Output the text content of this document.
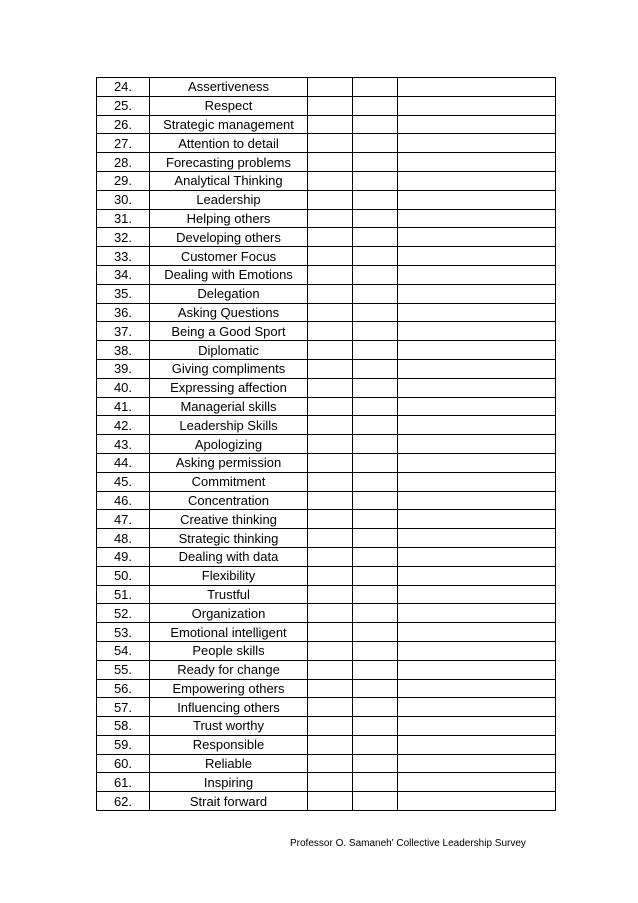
24.	Assertiveness			
25.	Respect			
26.	Strategic management			
27.	Attention to detail			
28.	Forecasting problems			
29.	Analytical Thinking			
30.	Leadership			
31.	Helping others			
32.	Developing others			
33.	Customer Focus			
34.	Dealing with Emotions			
35.	Delegation			
36.	Asking Questions			
37.	Being a Good Sport			
38.	Diplomatic			
39.	Giving compliments			
40.	Expressing affection			
41.	Managerial skills			
42.	Leadership Skills			
43.	Apologizing			
44.	Asking permission			
45.	Commitment			
46.	Concentration			
47.	Creative thinking			
48.	Strategic thinking			
49.	Dealing with data			
50.	Flexibility			
51.	Trustful			
52.	Organization			
53.	Emotional intelligent			
54.	People skills			
55.	Ready for change			
56.	Empowering others			
57.	Influencing others			
58.	Trust worthy			
59.	Responsible			
60.	Reliable			
61.	Inspiring			
62.	Strait forward			
Professor O. Samaneh' Collective Leadership Survey
